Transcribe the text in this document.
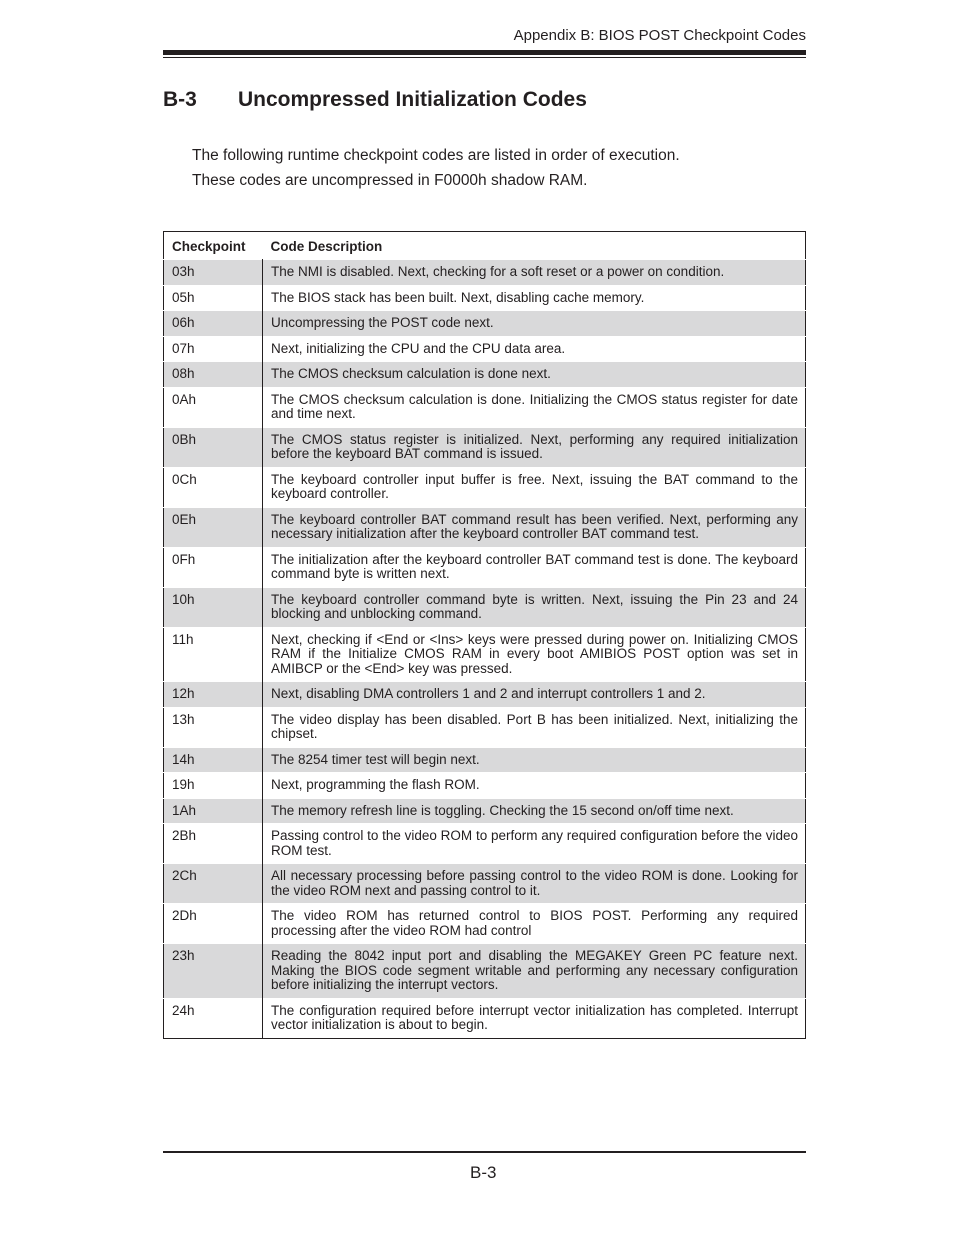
Appendix B: BIOS POST Checkpoint Codes
B-3 Uncompressed Initialization Codes

The following runtime checkpoint codes are listed in order of execution.

These codes are uncompressed in F0000h shadow RAM.

Checkpoint	Code Description
03h	The NMI is disabled. Next, checking for a soft reset or a power on condition.
05h	The BIOS stack has been built. Next, disabling cache memory.
06h	Uncompressing the POST code next.
07h	Next, initializing the CPU and the CPU data area.
08h	The CMOS checksum calculation is done next.
0Ah	The CMOS checksum calculation is done. Initializing the CMOS status register for date and time next.
0Bh	The CMOS status register is initialized. Next, performing any required initialization before the keyboard BAT command is issued.
0Ch	The keyboard controller input buffer is free. Next, issuing the BAT command to the keyboard controller.
0Eh	The keyboard controller BAT command result has been verified. Next, performing any necessary initialization after the keyboard controller BAT command test.
0Fh	The initialization after the keyboard controller BAT command test is done. The keyboard command byte is written next.
10h	The keyboard controller command byte is written. Next, issuing the Pin 23 and 24 blocking and unblocking command.
11h	Next, checking if <End or <Ins> keys were pressed during power on. Initializing CMOS RAM if the Initialize CMOS RAM in every boot AMIBIOS POST option was set in AMIBCP or the <End> key was pressed.
12h	Next, disabling DMA controllers 1 and 2 and interrupt controllers 1 and 2.
13h	The video display has been disabled. Port B has been initialized. Next, initializing the chipset.
14h	The 8254 timer test will begin next.
19h	Next, programming the flash ROM.
1Ah	The memory refresh line is toggling. Checking the 15 second on/off time next.
2Bh	Passing control to the video ROM to perform any required configuration before the video ROM test.
2Ch	All necessary processing before passing control to the video ROM is done. Looking for the video ROM next and passing control to it.
2Dh	The video ROM has returned control to BIOS POST. Performing any required processing after the video ROM had control
23h	Reading the 8042 input port and disabling the MEGAKEY Green PC feature next. Making the BIOS code segment writable and performing any necessary configuration before initializing the interrupt vectors.
24h	The configuration required before interrupt vector initialization has completed. Interrupt vector initialization is about to begin.
B-3
